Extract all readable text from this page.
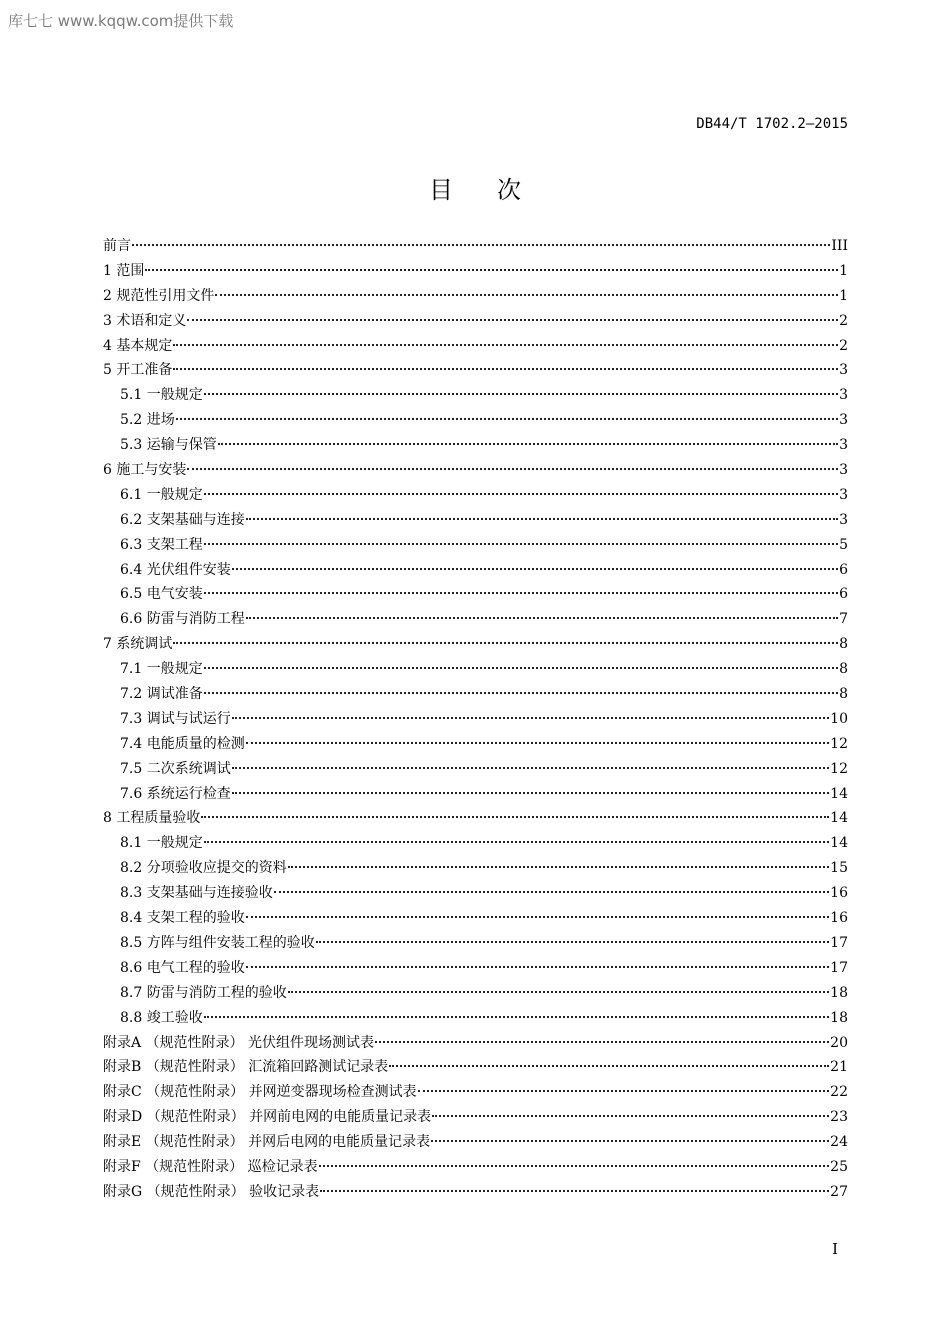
库七七 www.kqqw.com提供下载
DB44/T 1702.2—2015
目次
前言	III
1 范围	1
2 规范性引用文件	1
3 术语和定义	2
4 基本规定	2
5 开工准备	3
5.1 一般规定	3
5.2 进场	3
5.3 运输与保管	3
6 施工与安装	3
6.1 一般规定	3
6.2 支架基础与连接	3
6.3 支架工程	5
6.4 光伏组件安装	6
6.5 电气安装	6
6.6 防雷与消防工程	7
7 系统调试	8
7.1 一般规定	8
7.2 调试准备	8
7.3 调试与试运行	10
7.4 电能质量的检测	12
7.5 二次系统调试	12
7.6 系统运行检查	14
8 工程质量验收	14
8.1 一般规定	14
8.2 分项验收应提交的资料	15
8.3 支架基础与连接验收	16
8.4 支架工程的验收	16
8.5 方阵与组件安装工程的验收	17
8.6 电气工程的验收	17
8.7 防雷与消防工程的验收	18
8.8 竣工验收	18
附录A （规范性附录） 光伏组件现场测试表	20
附录B （规范性附录） 汇流箱回路测试记录表	21
附录C （规范性附录） 并网逆变器现场检查测试表	22
附录D （规范性附录） 并网前电网的电能质量记录表	23
附录E （规范性附录） 并网后电网的电能质量记录表	24
附录F （规范性附录） 巡检记录表	25
附录G （规范性附录） 验收记录表	27
I
